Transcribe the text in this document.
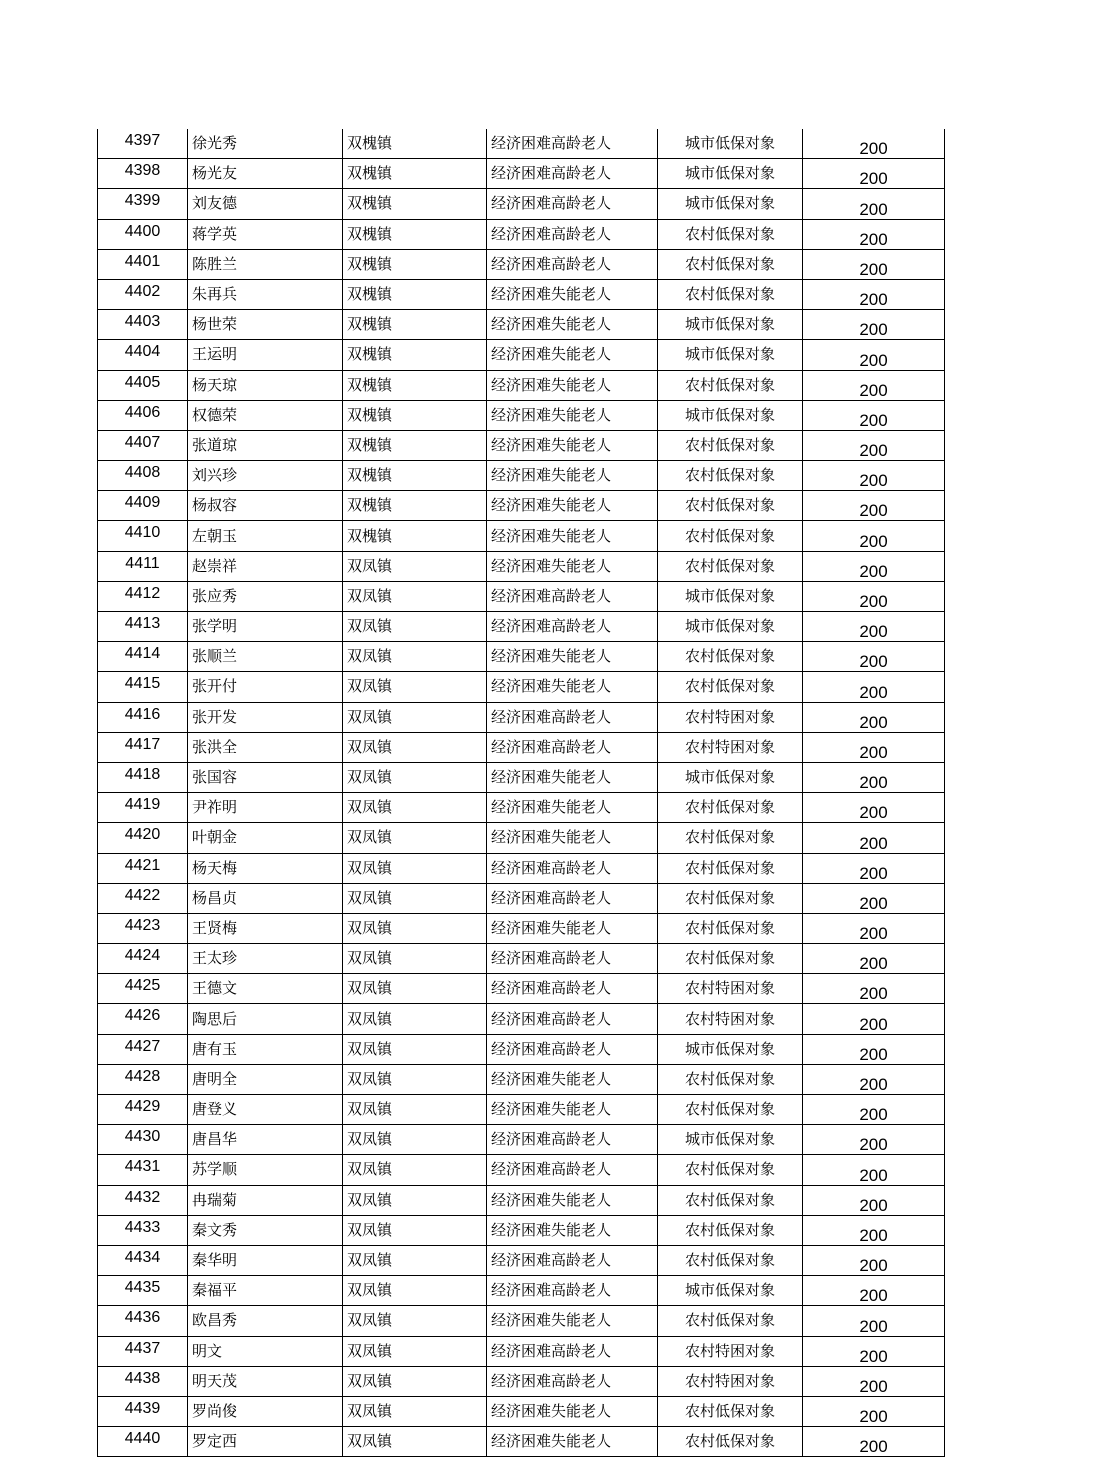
4397	徐光秀	双槐镇	经济困难高龄老人	城市低保对象	200
4398	杨光友	双槐镇	经济困难高龄老人	城市低保对象	200
4399	刘友德	双槐镇	经济困难高龄老人	城市低保对象	200
4400	蒋学英	双槐镇	经济困难高龄老人	农村低保对象	200
4401	陈胜兰	双槐镇	经济困难高龄老人	农村低保对象	200
4402	朱再兵	双槐镇	经济困难失能老人	农村低保对象	200
4403	杨世荣	双槐镇	经济困难失能老人	城市低保对象	200
4404	王运明	双槐镇	经济困难失能老人	城市低保对象	200
4405	杨天琼	双槐镇	经济困难失能老人	农村低保对象	200
4406	权德荣	双槐镇	经济困难失能老人	城市低保对象	200
4407	张道琼	双槐镇	经济困难失能老人	农村低保对象	200
4408	刘兴珍	双槐镇	经济困难失能老人	农村低保对象	200
4409	杨叔容	双槐镇	经济困难失能老人	农村低保对象	200
4410	左朝玉	双槐镇	经济困难失能老人	农村低保对象	200
4411	赵崇祥	双凤镇	经济困难失能老人	农村低保对象	200
4412	张应秀	双凤镇	经济困难高龄老人	城市低保对象	200
4413	张学明	双凤镇	经济困难高龄老人	城市低保对象	200
4414	张顺兰	双凤镇	经济困难失能老人	农村低保对象	200
4415	张开付	双凤镇	经济困难失能老人	农村低保对象	200
4416	张开发	双凤镇	经济困难高龄老人	农村特困对象	200
4417	张洪全	双凤镇	经济困难高龄老人	农村特困对象	200
4418	张国容	双凤镇	经济困难失能老人	城市低保对象	200
4419	尹祚明	双凤镇	经济困难失能老人	农村低保对象	200
4420	叶朝金	双凤镇	经济困难失能老人	农村低保对象	200
4421	杨天梅	双凤镇	经济困难高龄老人	农村低保对象	200
4422	杨昌贞	双凤镇	经济困难高龄老人	农村低保对象	200
4423	王贤梅	双凤镇	经济困难失能老人	农村低保对象	200
4424	王太珍	双凤镇	经济困难高龄老人	农村低保对象	200
4425	王德文	双凤镇	经济困难高龄老人	农村特困对象	200
4426	陶思后	双凤镇	经济困难高龄老人	农村特困对象	200
4427	唐有玉	双凤镇	经济困难高龄老人	城市低保对象	200
4428	唐明全	双凤镇	经济困难失能老人	农村低保对象	200
4429	唐登义	双凤镇	经济困难失能老人	农村低保对象	200
4430	唐昌华	双凤镇	经济困难高龄老人	城市低保对象	200
4431	苏学顺	双凤镇	经济困难高龄老人	农村低保对象	200
4432	冉瑞菊	双凤镇	经济困难失能老人	农村低保对象	200
4433	秦文秀	双凤镇	经济困难失能老人	农村低保对象	200
4434	秦华明	双凤镇	经济困难高龄老人	农村低保对象	200
4435	秦福平	双凤镇	经济困难高龄老人	城市低保对象	200
4436	欧昌秀	双凤镇	经济困难失能老人	农村低保对象	200
4437	明文	双凤镇	经济困难高龄老人	农村特困对象	200
4438	明天茂	双凤镇	经济困难高龄老人	农村特困对象	200
4439	罗尚俊	双凤镇	经济困难失能老人	农村低保对象	200
4440	罗定西	双凤镇	经济困难失能老人	农村低保对象	200
